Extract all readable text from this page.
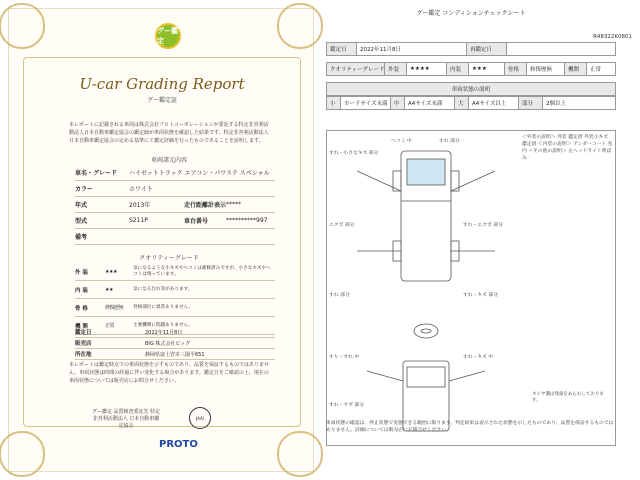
グー鑑定
U-car Grading Report
グー鑑定証
本レポートに記載される車両は株式会社プロトコーポレーションが委託する特定非営利活動法人日本自動車鑑定協会の鑑定師が車両状態を確認した結果です。特定非営利活動法人日本自動車鑑定協会の定める基準にて鑑定評価を行ったものであることを証明します。
車両諸元内容
車名・グレード	ハイゼットトラック エアコン・パワステ スペシャル
カラー	ホワイト
年式	2013年	走行距離計表示 *****
型式	S211P	車台番号	**********997
備考
クオリティーグレード
外 装	★★★
気になるような小キズやヘコミは補修済みですが、小さなキズやヘコミは残っています。
内 装	★★	気になる汚れ等があります。
骨 格	修復歴無	骨格部位に異常ありません。
機 関	正常	主要機関に問題ありません。
鑑定日	2022年11月8日
販売店	BIG 株式会社ビッグ
所在地	静岡県富士宮市三園平651
本レポートは鑑定時点での車両状態を示すものであり、品質を保証するものではありません。車両状態は時間の経過に伴い変化する場合があります。鑑定日をご確認の上、現在の車両状態については販売店にお問合せください。
グー鑑定 品質検査委託先 特定非営利活動法人 日本自動車鑑定協会
JAAI
PROTO
グー鑑定 コンディションチェックシート
R48322K0801
鑑定日	2022年11月8日	再鑑定日
クオリティーグレード 外装	★★★★	内装	★★★	骨格	修復歴無	機関	正常
車両状態の説明
小	カードサイズ未満	中	A4サイズ未満	大	A4サイズ以上	部分	2個以上
すれ・小さなキズ 部分
ヘコミ 中	すれ 部分
エクボ 部分	すれ・エクボ 部分
すれ 部分	すれ・キズ 部分
すり・すれ 中	すれ・キズ 中
すれ・すず 部分
＜外装の説明＞ 外装 鑑定済 外装小キズ 鑑定済 ＜内装の説明＞ アンダーコート 室内 ＜その他の説明＞ 左ヘッドライト黄ばみ
タイヤ溝は残量をあらわしております。
車両状態の確認は、停止状態で実施できる範囲に限ります。判定結果は表示された状態を示したものであり、品質を保証するものではありません。詳細については販売店にお問合せください。
